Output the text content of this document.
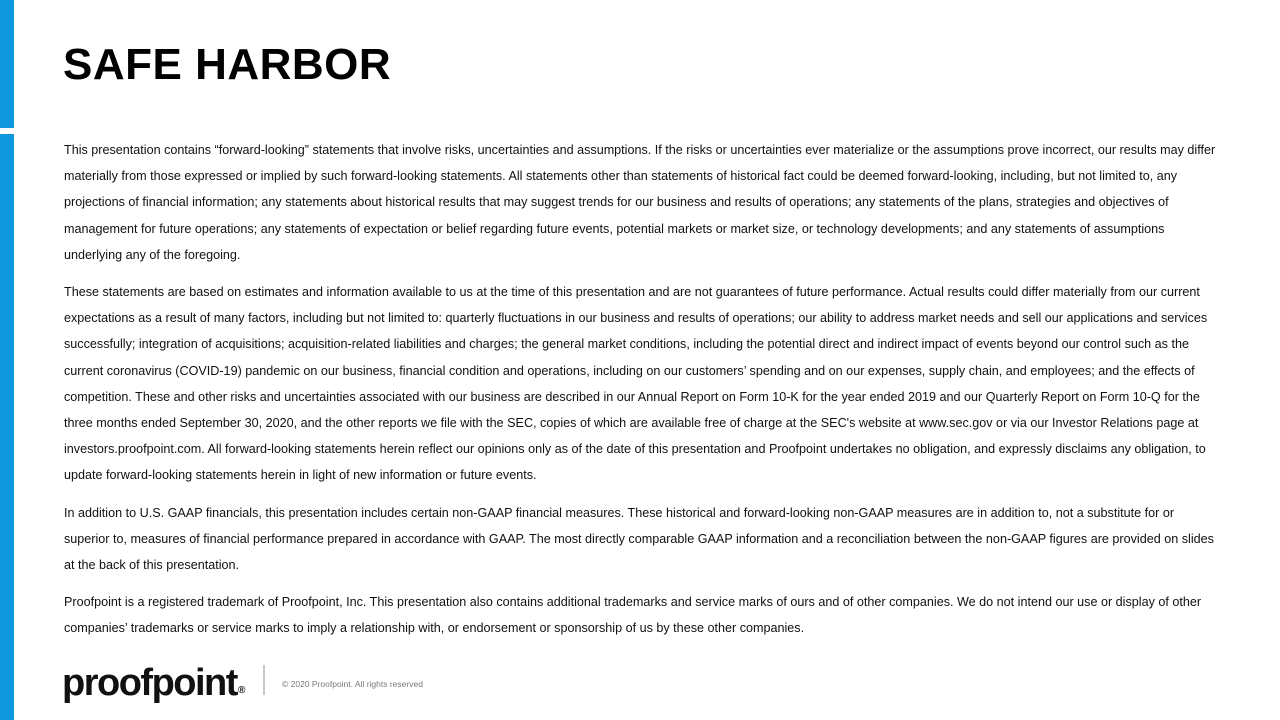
SAFE HARBOR

This presentation contains “forward-looking” statements that involve risks, uncertainties and assumptions. If the risks or uncertainties ever materialize or the assumptions prove incorrect, our results may differ materially from those expressed or implied by such forward-looking statements. All statements other than statements of historical fact could be deemed forward-looking, including, but not limited to, any projections of financial information; any statements about historical results that may suggest trends for our business and results of operations; any statements of the plans, strategies and objectives of management for future operations; any statements of expectation or belief regarding future events, potential markets or market size, or technology developments; and any statements of assumptions underlying any of the foregoing.

These statements are based on estimates and information available to us at the time of this presentation and are not guarantees of future performance. Actual results could differ materially from our current expectations as a result of many factors, including but not limited to: quarterly fluctuations in our business and results of operations; our ability to address market needs and sell our applications and services successfully; integration of acquisitions; acquisition-related liabilities and charges; the general market conditions, including the potential direct and indirect impact of events beyond our control such as the current coronavirus (COVID-19) pandemic on our business, financial condition and operations, including on our customers’ spending and on our expenses, supply chain, and employees; and the effects of competition. These and other risks and uncertainties associated with our business are described in our Annual Report on Form 10-K for the year ended 2019 and our Quarterly Report on Form 10-Q for the three months ended September 30, 2020, and the other reports we file with the SEC, copies of which are available free of charge at the SEC's website at www.sec.gov or via our Investor Relations page at investors.proofpoint.com. All forward-looking statements herein reflect our opinions only as of the date of this presentation and Proofpoint undertakes no obligation, and expressly disclaims any obligation, to update forward-looking statements herein in light of new information or future events.

In addition to U.S. GAAP financials, this presentation includes certain non-GAAP financial measures. These historical and forward-looking non-GAAP measures are in addition to, not a substitute for or superior to, measures of financial performance prepared in accordance with GAAP. The most directly comparable GAAP information and a reconciliation between the non-GAAP figures are provided on slides at the back of this presentation.

Proofpoint is a registered trademark of Proofpoint, Inc. This presentation also contains additional trademarks and service marks of ours and of other companies. We do not intend our use or display of other companies’ trademarks or service marks to imply a relationship with, or endorsement or sponsorship of us by these other companies.

proofpoint®
© 2020 Proofpoint. All rights reserved
